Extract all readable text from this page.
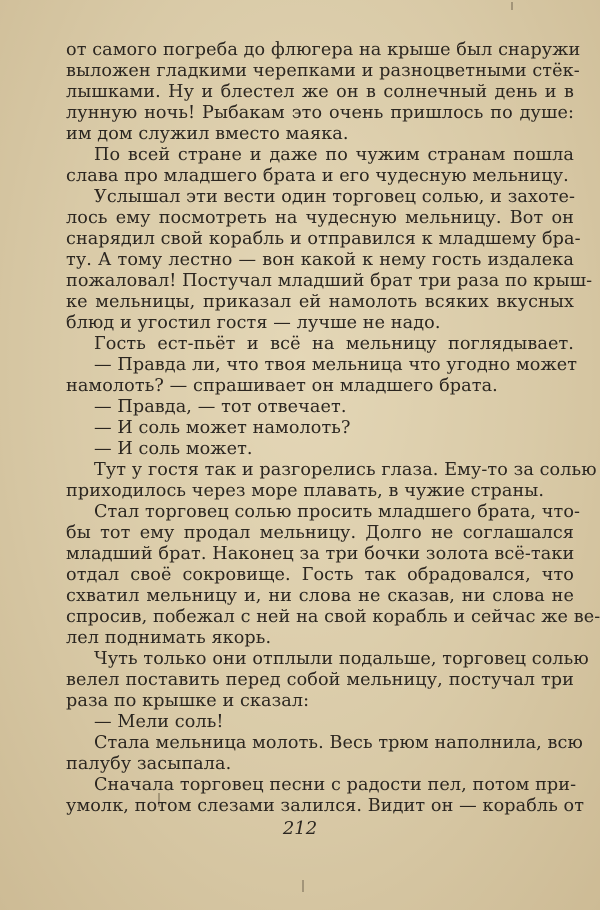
от самого погреба до флюгера на крыше был снаружи
выложен гладкими черепками и разноцветными стёк-
лышками. Ну и блестел же он в солнечный день и в
лунную ночь! Рыбакам это очень пришлось по душе:
им дом служил вместо маяка.
По всей стране и даже по чужим странам пошла
слава про младшего брата и его чудесную мельницу.
Услышал эти вести один торговец солью, и захоте-
лось ему посмотреть на чудесную мельницу. Вот он
снарядил свой корабль и отправился к младшему бра-
ту. А тому лестно — вон какой к нему гость издалека
пожаловал! Постучал младший брат три раза по крыш-
ке мельницы, приказал ей намолоть всяких вкусных
блюд и угостил гостя — лучше не надо.
Гость ест-пьёт и всё на мельницу поглядывает.
— Правда ли, что твоя мельница что угодно может
намолоть? — спрашивает он младшего брата.
— Правда, — тот отвечает.
— И соль может намолоть?
— И соль может.
Тут у гостя так и разгорелись глаза. Ему-то за солью
приходилось через море плавать, в чужие страны.
Стал торговец солью просить младшего брата, что-
бы тот ему продал мельницу. Долго не соглашался
младший брат. Наконец за три бочки золота всё-таки
отдал своё сокровище. Гость так обрадовался, что
схватил мельницу и, ни слова не сказав, ни слова не
спросив, побежал с ней на свой корабль и сейчас же ве-
лел поднимать якорь.
Чуть только они отплыли подальше, торговец солью
велел поставить перед собой мельницу, постучал три
раза по крышке и сказал:
— Мели соль!
Стала мельница молоть. Весь трюм наполнила, всю
палубу засыпала.
Сначала торговец песни с радости пел, потом при-
умолк, потом слезами залился. Видит он — корабль от
212
